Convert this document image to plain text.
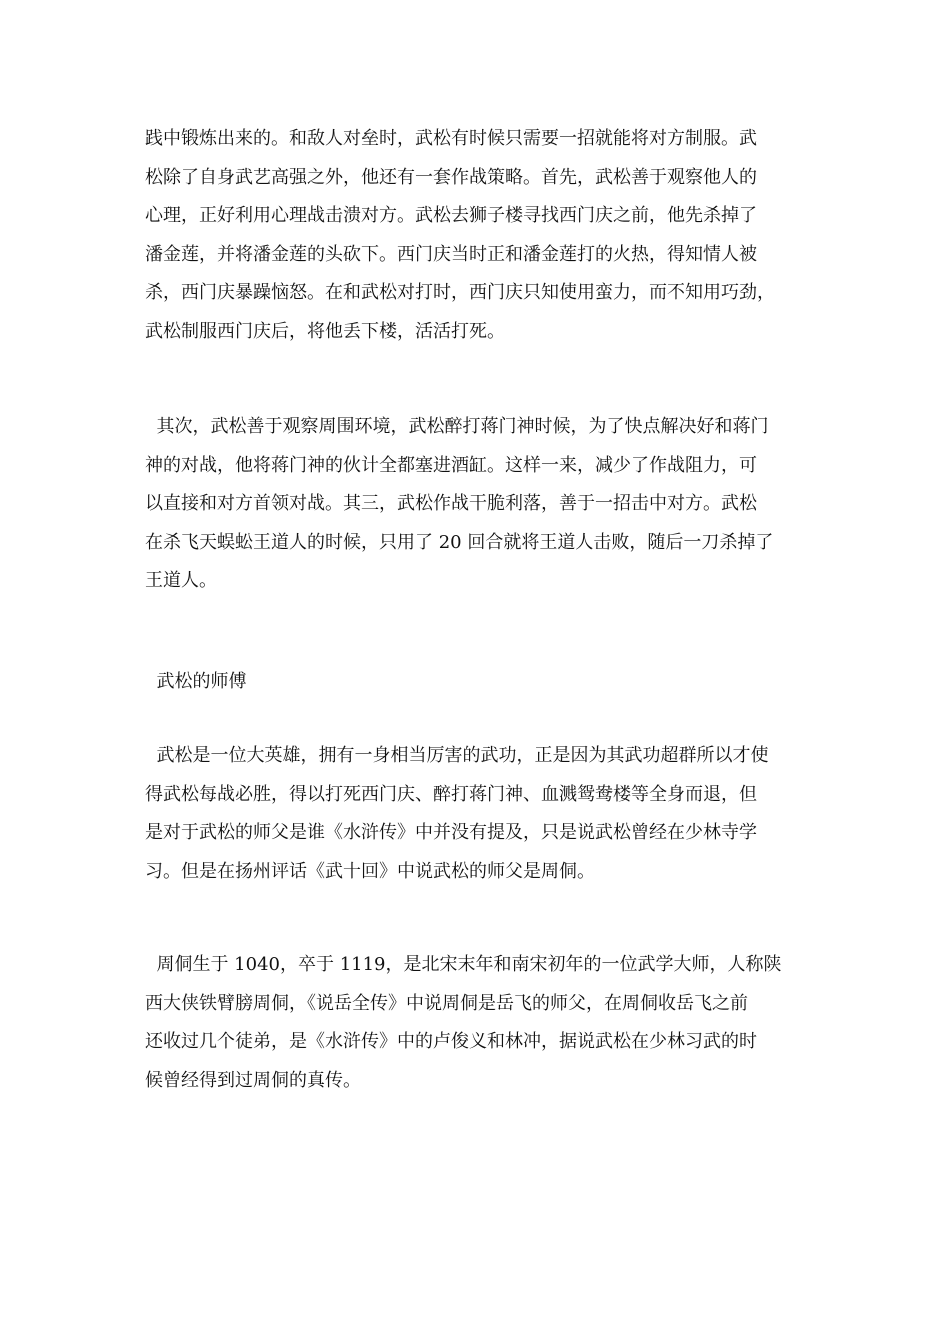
践中锻炼出来的。和敌人对垒时，武松有时候只需要一招就能将对方制服。武
松除了自身武艺高强之外，他还有一套作战策略。首先，武松善于观察他人的
心理，正好利用心理战击溃对方。武松去狮子楼寻找西门庆之前，他先杀掉了
潘金莲，并将潘金莲的头砍下。西门庆当时正和潘金莲打的火热，得知情人被
杀，西门庆暴躁恼怒。在和武松对打时，西门庆只知使用蛮力，而不知用巧劲，
武松制服西门庆后，将他丢下楼，活活打死。

其次，武松善于观察周围环境，武松醉打蒋门神时候，为了快点解决好和蒋门
神的对战，他将蒋门神的伙计全都塞进酒缸。这样一来，减少了作战阻力，可
以直接和对方首领对战。其三，武松作战干脆利落，善于一招击中对方。武松
在杀飞天蜈蚣王道人的时候，只用了 20 回合就将王道人击败，随后一刀杀掉了
王道人。

武松的师傅

武松是一位大英雄，拥有一身相当厉害的武功，正是因为其武功超群所以才使
得武松每战必胜，得以打死西门庆、醉打蒋门神、血溅鸳鸯楼等全身而退，但
是对于武松的师父是谁《水浒传》中并没有提及，只是说武松曾经在少林寺学
习。但是在扬州评话《武十回》中说武松的师父是周侗。

周侗生于 1040，卒于 1119，是北宋末年和南宋初年的一位武学大师，人称陕
西大侠铁臂膀周侗，《说岳全传》中说周侗是岳飞的师父，在周侗收岳飞之前
还收过几个徒弟，是《水浒传》中的卢俊义和林冲，据说武松在少林习武的时
候曾经得到过周侗的真传。
